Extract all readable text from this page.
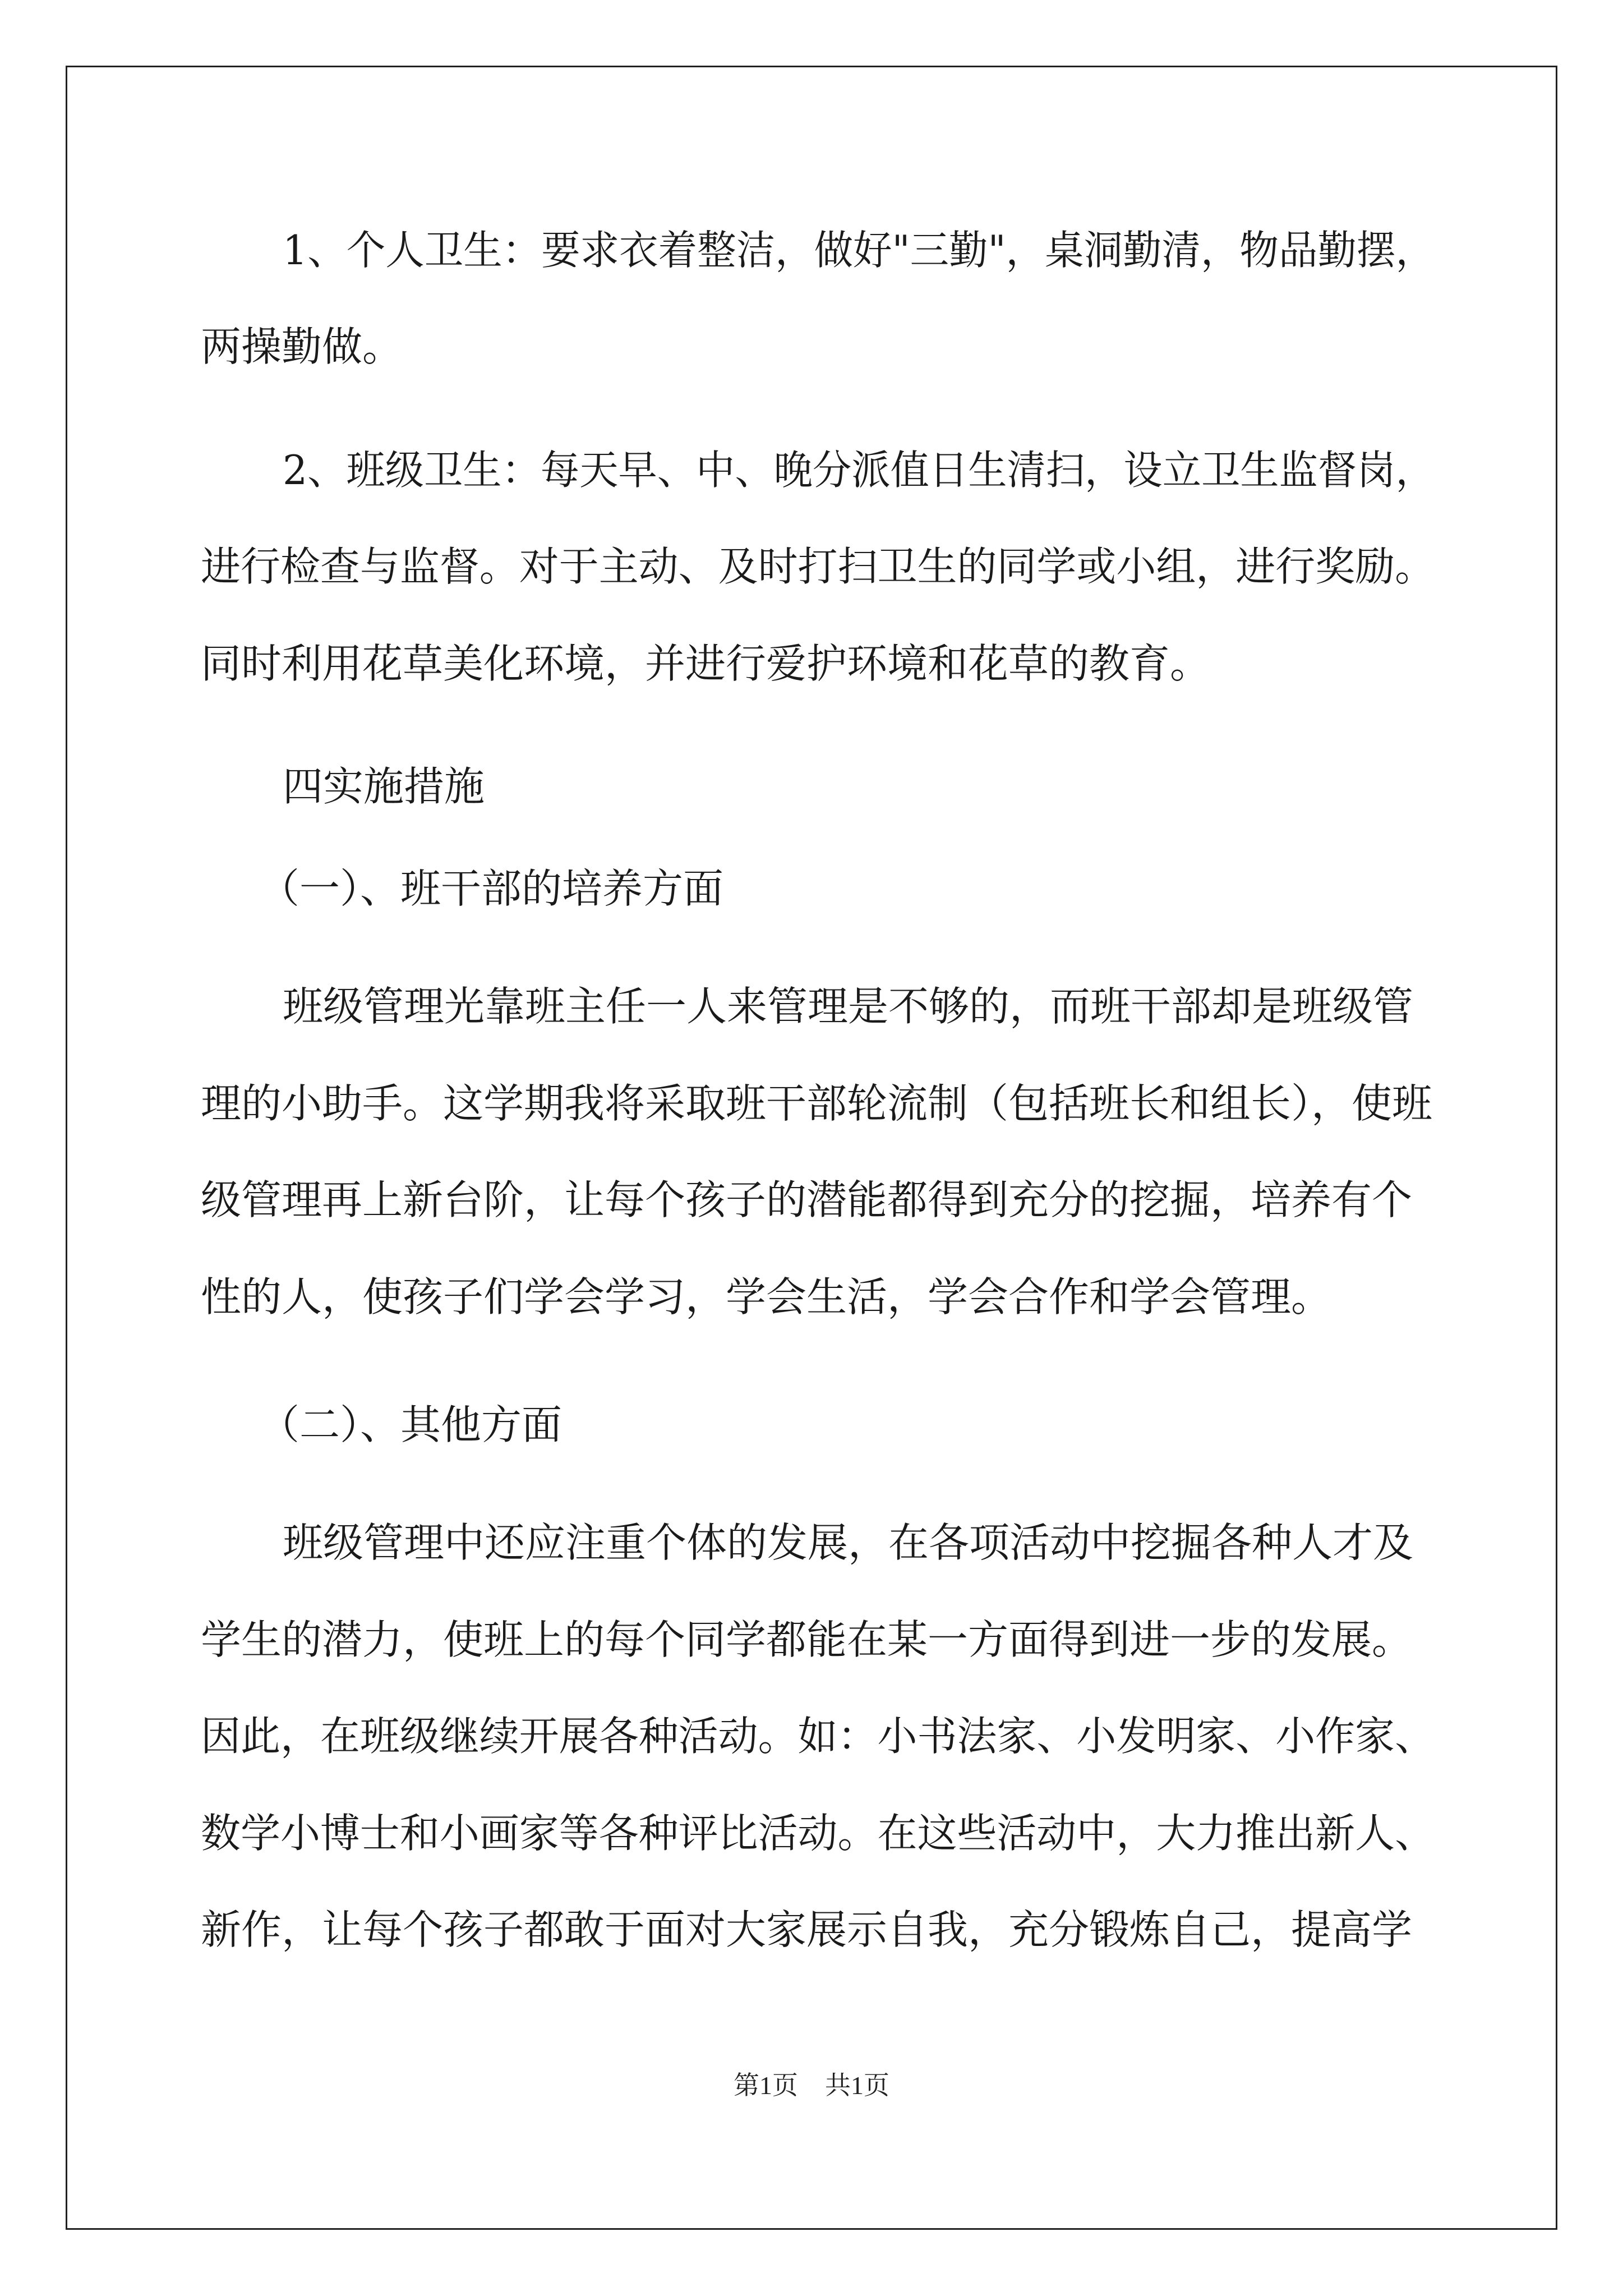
1、个人卫生：要求衣着整洁，做好"三勤"，桌洞勤清，物品勤摆，
两操勤做。
2、班级卫生：每天早、中、晚分派值日生清扫，设立卫生监督岗，
进行检查与监督。对于主动、及时打扫卫生的同学或小组，进行奖励。
同时利用花草美化环境，并进行爱护环境和花草的教育。
四实施措施
（一）、班干部的培养方面
班级管理光靠班主任一人来管理是不够的，而班干部却是班级管
理的小助手。这学期我将采取班干部轮流制（包括班长和组长），使班
级管理再上新台阶，让每个孩子的潜能都得到充分的挖掘，培养有个
性的人，使孩子们学会学习，学会生活，学会合作和学会管理。
（二）、其他方面
班级管理中还应注重个体的发展，在各项活动中挖掘各种人才及
学生的潜力，使班上的每个同学都能在某一方面得到进一步的发展。
因此，在班级继续开展各种活动。如：小书法家、小发明家、小作家、
数学小博士和小画家等各种评比活动。在这些活动中，大力推出新人、
新作，让每个孩子都敢于面对大家展示自我，充分锻炼自己，提高学
第1页 共1页
